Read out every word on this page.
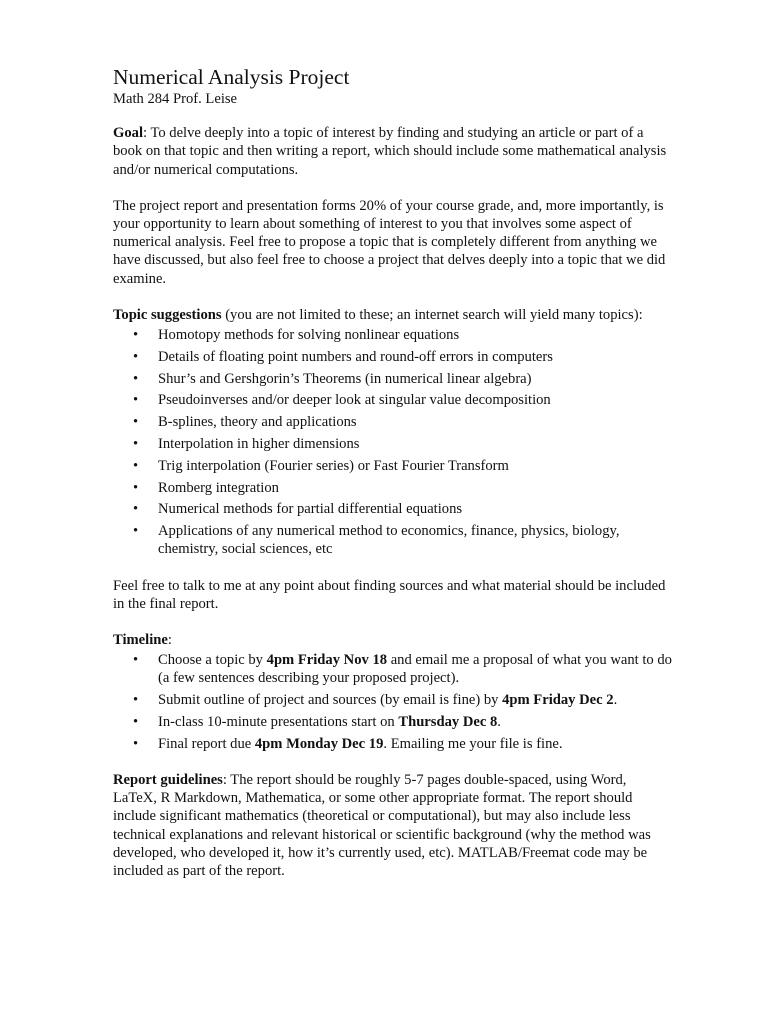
Numerical Analysis Project

Math 284 Prof. Leise

Goal: To delve deeply into a topic of interest by finding and studying an article or part of a book on that topic and then writing a report, which should include some mathematical analysis and/or numerical computations.

The project report and presentation forms 20% of your course grade, and, more importantly, is your opportunity to learn about something of interest to you that involves some aspect of numerical analysis. Feel free to propose a topic that is completely different from anything we have discussed, but also feel free to choose a project that delves deeply into a topic that we did examine.

Topic suggestions (you are not limited to these; an internet search will yield many topics):

• Homotopy methods for solving nonlinear equations
• Details of floating point numbers and round-off errors in computers
• Shur’s and Gershgorin’s Theorems (in numerical linear algebra)
• Pseudoinverses and/or deeper look at singular value decomposition
• B-splines, theory and applications
• Interpolation in higher dimensions
• Trig interpolation (Fourier series) or Fast Fourier Transform
• Romberg integration
• Numerical methods for partial differential equations
• Applications of any numerical method to economics, finance, physics, biology, chemistry, social sciences, etc

Feel free to talk to me at any point about finding sources and what material should be included in the final report.

Timeline:

• Choose a topic by 4pm Friday Nov 18 and email me a proposal of what you want to do (a few sentences describing your proposed project).
• Submit outline of project and sources (by email is fine) by 4pm Friday Dec 2.
• In-class 10-minute presentations start on Thursday Dec 8.
• Final report due 4pm Monday Dec 19. Emailing me your file is fine.

Report guidelines: The report should be roughly 5-7 pages double-spaced, using Word, LaTeX, R Markdown, Mathematica, or some other appropriate format. The report should include significant mathematics (theoretical or computational), but may also include less technical explanations and relevant historical or scientific background (why the method was developed, who developed it, how it’s currently used, etc). MATLAB/Freemat code may be included as part of the report.
